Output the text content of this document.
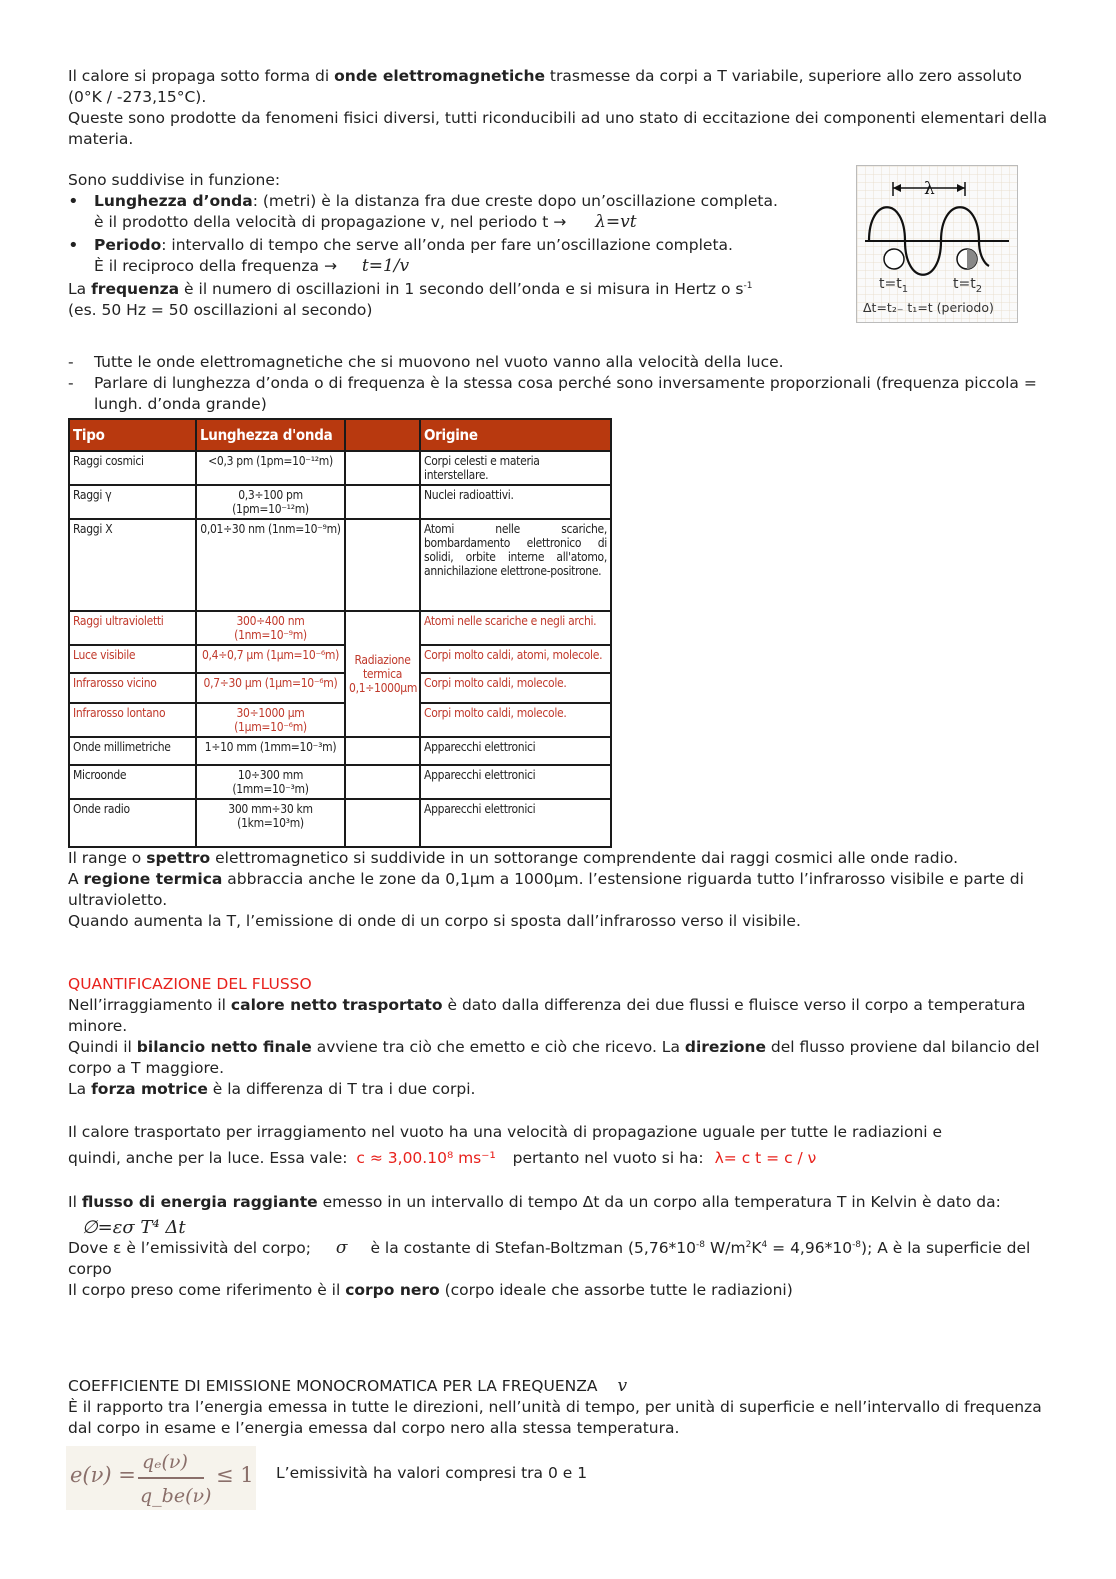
Il calore si propaga sotto forma di onde elettromagnetiche trasmesse da corpi a T variabile, superiore allo zero assoluto (0°K / -273,15°C).

Queste sono prodotte da fenomeni fisici diversi, tutti riconducibili ad uno stato di eccitazione dei componenti elementari della materia.

Sono suddivise in funzione:

• Lunghezza d’onda: (metri) è la distanza fra due creste dopo un’oscillazione completa.
è il prodotto della velocità di propagazione v, nel periodo t → λ=vt
• Periodo: intervallo di tempo che serve all’onda per fare un’oscillazione completa.
È il reciproco della frequenza → t=1/v

La frequenza è il numero di oscillazioni in 1 secondo dell’onda e si misura in Hertz o $s^{-1}$

(es. 50 Hz = 50 oscillazioni al secondo)

λ
$t=t_1$	$t=t_2$
Δt=t₂₋ t₁=t (periodo)
- Tutte le onde elettromagnetiche che si muovono nel vuoto vanno alla velocità della luce.
- Parlare di lunghezza d’onda o di frequenza è la stessa cosa perché sono inversamente proporzionali (frequenza piccola = lungh. d’onda grande)
Tipo	Lunghezza d'onda		Origine
Raggi cosmici	<0,3 pm (1pm=10⁻¹²m)		Corpi celesti e materia interstellare.
Raggi γ	0,3÷100 pm (1pm=10⁻¹²m)		Nuclei radioattivi.
Raggi X	0,01÷30 nm (1nm=10⁻⁹m)		Atomi nelle scariche, bombardamento elettronico di solidi, orbite interne all'atomo, annichilazione elettrone-positrone.
Raggi ultravioletti	300÷400 nm (1nm=10⁻⁹m)	Radiazione termica 0,1÷1000μm	Atomi nelle scariche e negli archi.
Luce visibile	0,4÷0,7 μm (1μm=10⁻⁶m)		Corpi molto caldi, atomi, molecole.
Infrarosso vicino	0,7÷30 μm (1μm=10⁻⁶m)		Corpi molto caldi, molecole.
Infrarosso lontano	30÷1000 μm (1μm=10⁻⁶m)		Corpi molto caldi, molecole.
Onde millimetriche	1÷10 mm (1mm=10⁻³m)		Apparecchi elettronici
Microonde	10÷300 mm (1mm=10⁻³m)		Apparecchi elettronici
Onde radio	300 mm÷30 km (1km=10³m)		Apparecchi elettronici

Il range o spettro elettromagnetico si suddivide in un sottorange comprendente dai raggi cosmici alle onde radio.

A regione termica abbraccia anche le zone da 0,1μm a 1000μm. l’estensione riguarda tutto l’infrarosso visibile e parte di ultravioletto.

Quando aumenta la T, l’emissione di onde di un corpo si sposta dall’infrarosso verso il visibile.

QUANTIFICAZIONE DEL FLUSSO

Nell’irraggiamento il calore netto trasportato è dato dalla differenza dei due flussi e fluisce verso il corpo a temperatura minore.

Quindi il bilancio netto finale avviene tra ciò che emetto e ciò che ricevo. La direzione del flusso proviene dal bilancio del corpo a T maggiore.

La forza motrice è la differenza di T tra i due corpi.

Il calore trasportato per irraggiamento nel vuoto ha una velocità di propagazione uguale per tutte le radiazioni e

quindi, anche per la luce. Essa vale: c ≈ 3,00.10⁸ ms⁻¹ pertanto nel vuoto si ha: λ= c t = c / ν

Il flusso di energia raggiante emesso in un intervallo di tempo Δt da un corpo alla temperatura T in Kelvin è dato da:

∅=εσ T⁴ Δt

Dove ε è l’emissività del corpo; σ è la costante di Stefan-Boltzman ($5,76*10^{-8}$ $W/m^2K^4 = 4,96*10^{-8}$); A è la superficie del corpo

Il corpo preso come riferimento è il corpo nero (corpo ideale che assorbe tutte le radiazioni)

COEFFICIENTE DI EMISSIONE MONOCROMATICA PER LA FREQUENZA v

È il rapporto tra l’energia emessa in tutte le direzioni, nell’unità di tempo, per unità di superficie e nell’intervallo di frequenza dal corpo in esame e l’energia emessa dal corpo nero alla stessa temperatura.

e(ν) =
qₑ(ν)
q_be(ν)
≤ 1 L’emissività ha valori compresi tra 0 e 1
